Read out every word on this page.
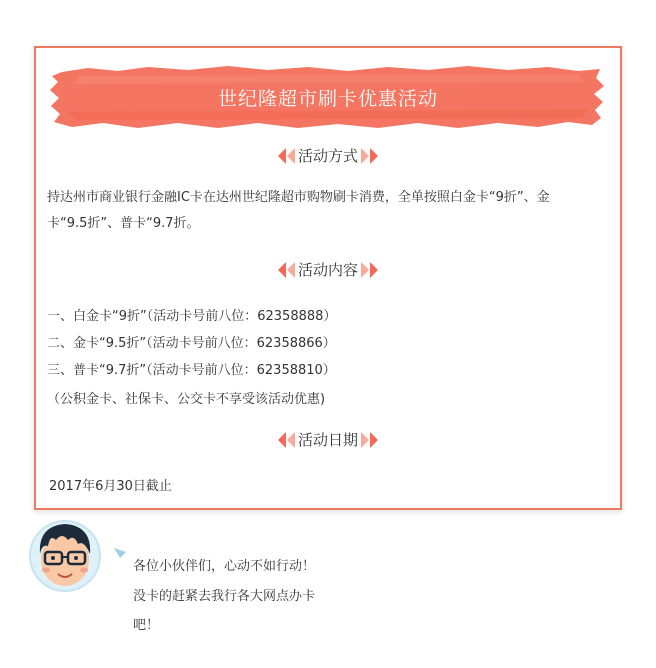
世纪隆超市刷卡优惠活动
活动方式
持达州市商业银行金融IC卡在达州世纪隆超市购物刷卡消费，全单按照白金卡“9折”、金卡“9.5折”、普卡“9.7折。
活动内容
一、白金卡“9折”（活动卡号前八位：62358888）
二、金卡“9.5折”（活动卡号前八位：62358866）
三、普卡“9.7折”（活动卡号前八位：62358810）
（公积金卡、社保卡、公交卡不享受该活动优惠)
活动日期
2017年6月30日截止
各位小伙伴们，心动不如行动！
没卡的赶紧去我行各大网点办卡
吧！
